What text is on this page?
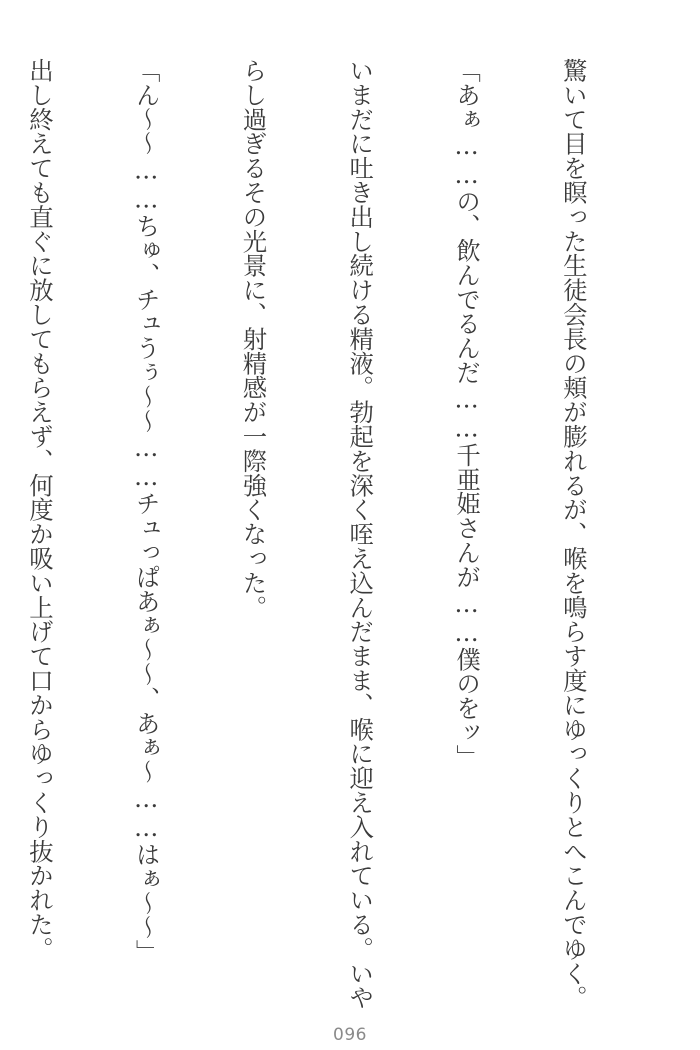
驚いて目を瞑った生徒会長の頬が膨れるが、喉を鳴らす度にゆっくりとへこんでゆく。

「あぁ……の、飲んでるんだ……千亜姫さんが……僕のをッ」

いまだに吐き出し続ける精液。勃起を深く咥え込んだまま、喉に迎え入れている。いや

らし過ぎるその光景に、射精感が一際強くなった。

「ん～～……ちゅ、チュうぅ～～……チュっぱあぁ～～、あぁ～……はぁ～～」

出し終えても直ぐに放してもらえず、何度か吸い上げて口からゆっくり抜かれた。

096
